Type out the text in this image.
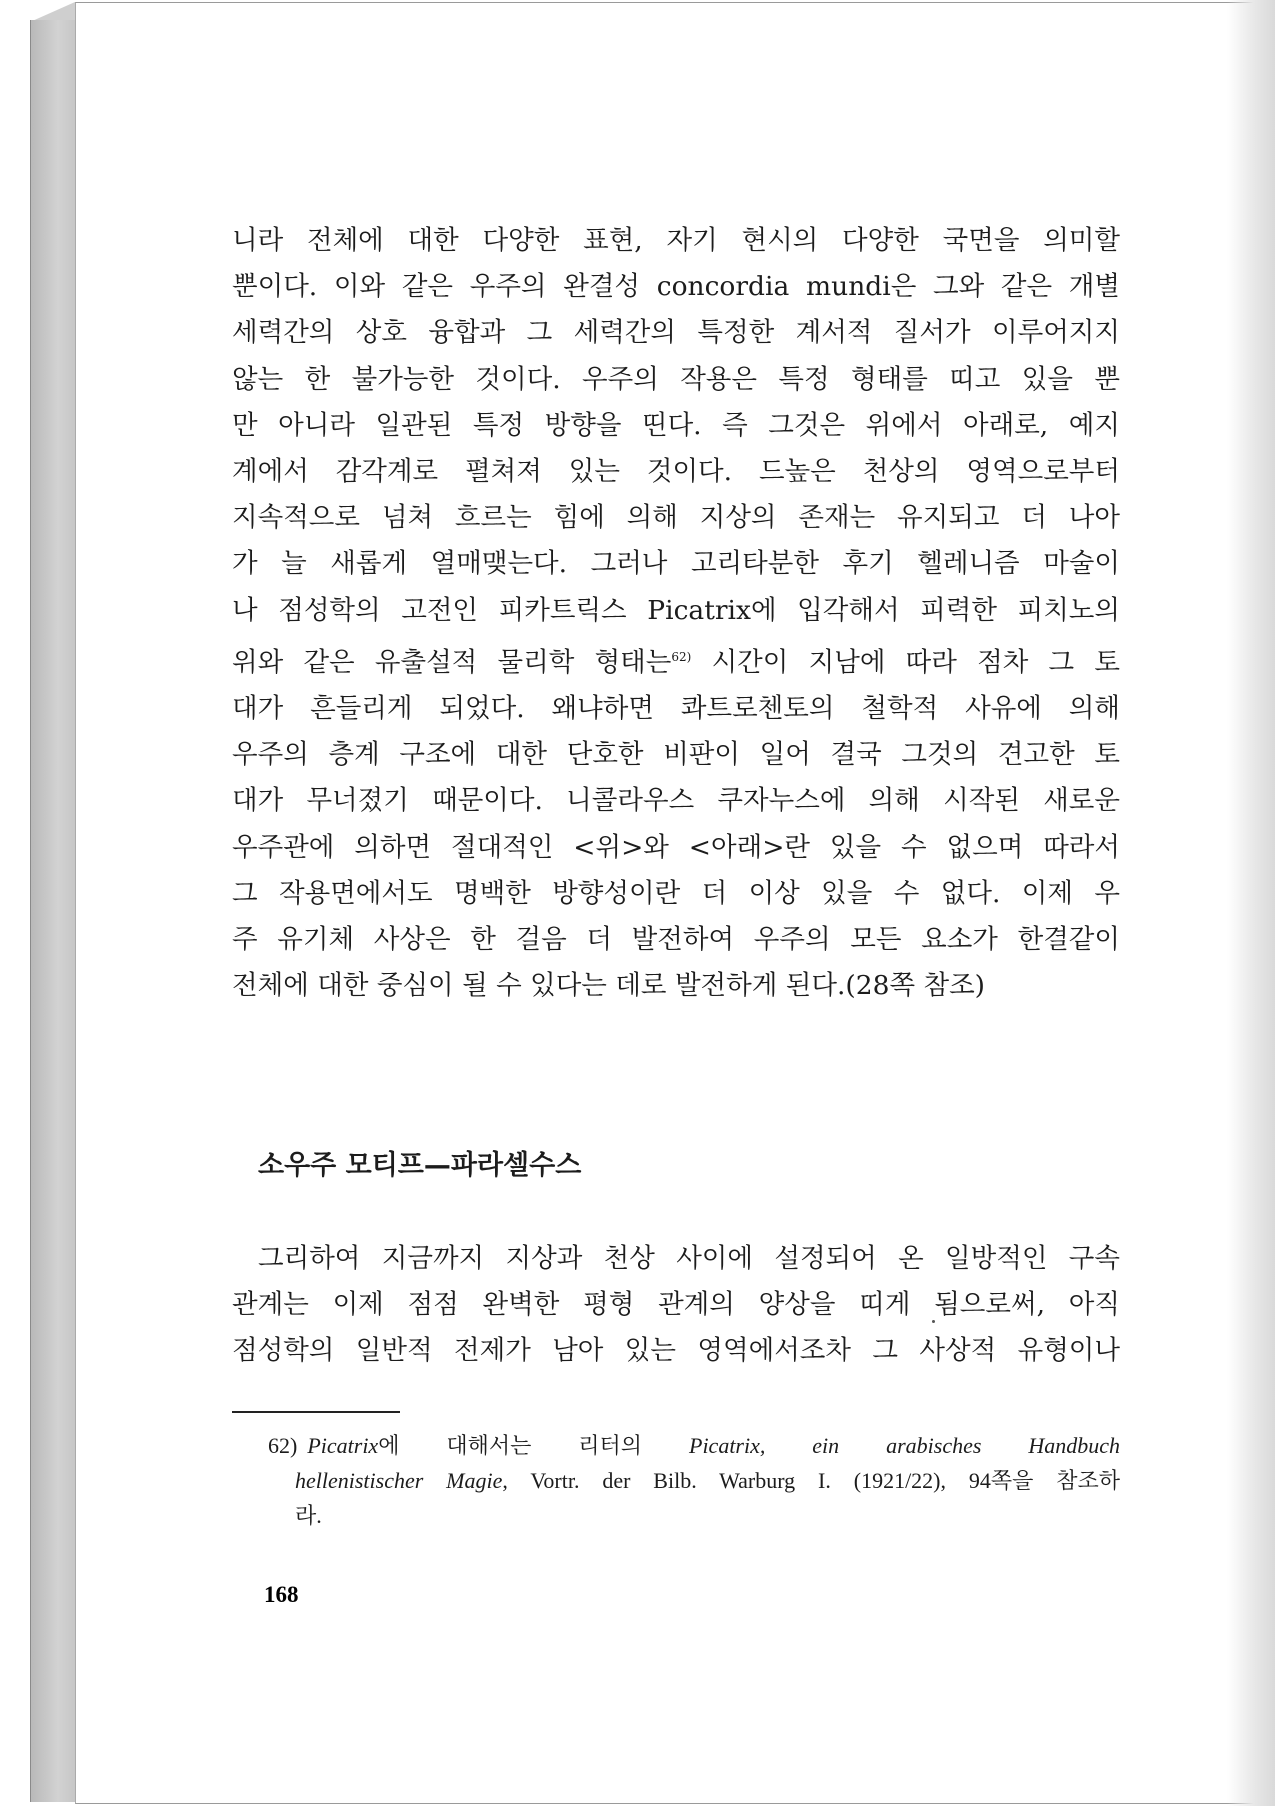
니라 전체에 대한 다양한 표현, 자기 현시의 다양한 국면을 의미할
뿐이다. 이와 같은 우주의 완결성 concordia mundi은 그와 같은 개별
세력간의 상호 융합과 그 세력간의 특정한 계서적 질서가 이루어지지
않는 한 불가능한 것이다. 우주의 작용은 특정 형태를 띠고 있을 뿐
만 아니라 일관된 특정 방향을 띤다. 즉 그것은 위에서 아래로, 예지
계에서 감각계로 펼쳐져 있는 것이다. 드높은 천상의 영역으로부터
지속적으로 넘쳐 흐르는 힘에 의해 지상의 존재는 유지되고 더 나아
가 늘 새롭게 열매맺는다. 그러나 고리타분한 후기 헬레니즘 마술이
나 점성학의 고전인 피카트릭스 Picatrix에 입각해서 피력한 피치노의
위와 같은 유출설적 물리학 형태는$^{62)}$ 시간이 지남에 따라 점차 그 토
대가 흔들리게 되었다. 왜냐하면 콰트로첸토의 철학적 사유에 의해
우주의 층계 구조에 대한 단호한 비판이 일어 결국 그것의 견고한 토
대가 무너졌기 때문이다. 니콜라우스 쿠자누스에 의해 시작된 새로운
우주관에 의하면 절대적인 <위>와 <아래>란 있을 수 없으며 따라서
그 작용면에서도 명백한 방향성이란 더 이상 있을 수 없다. 이제 우
주 유기체 사상은 한 걸음 더 발전하여 우주의 모든 요소가 한결같이
전체에 대한 중심이 될 수 있다는 데로 발전하게 된다.(28쪽 참조)

소우주 모티프—파라셀수스

그리하여 지금까지 지상과 천상 사이에 설정되어 온 일방적인 구속
관계는 이제 점점 완벽한 평형 관계의 양상을 띠게 됨으로써, 아직
점성학의 일반적 전제가 남아 있는 영역에서조차 그 사상적 유형이나

62) Picatrix에 대해서는 리터의 Picatrix, ein arabisches Handbuch
hellenistischer Magie, Vortr. der Bilb. Warburg I. (1921/22), 94쪽을 참조하
라.
168
